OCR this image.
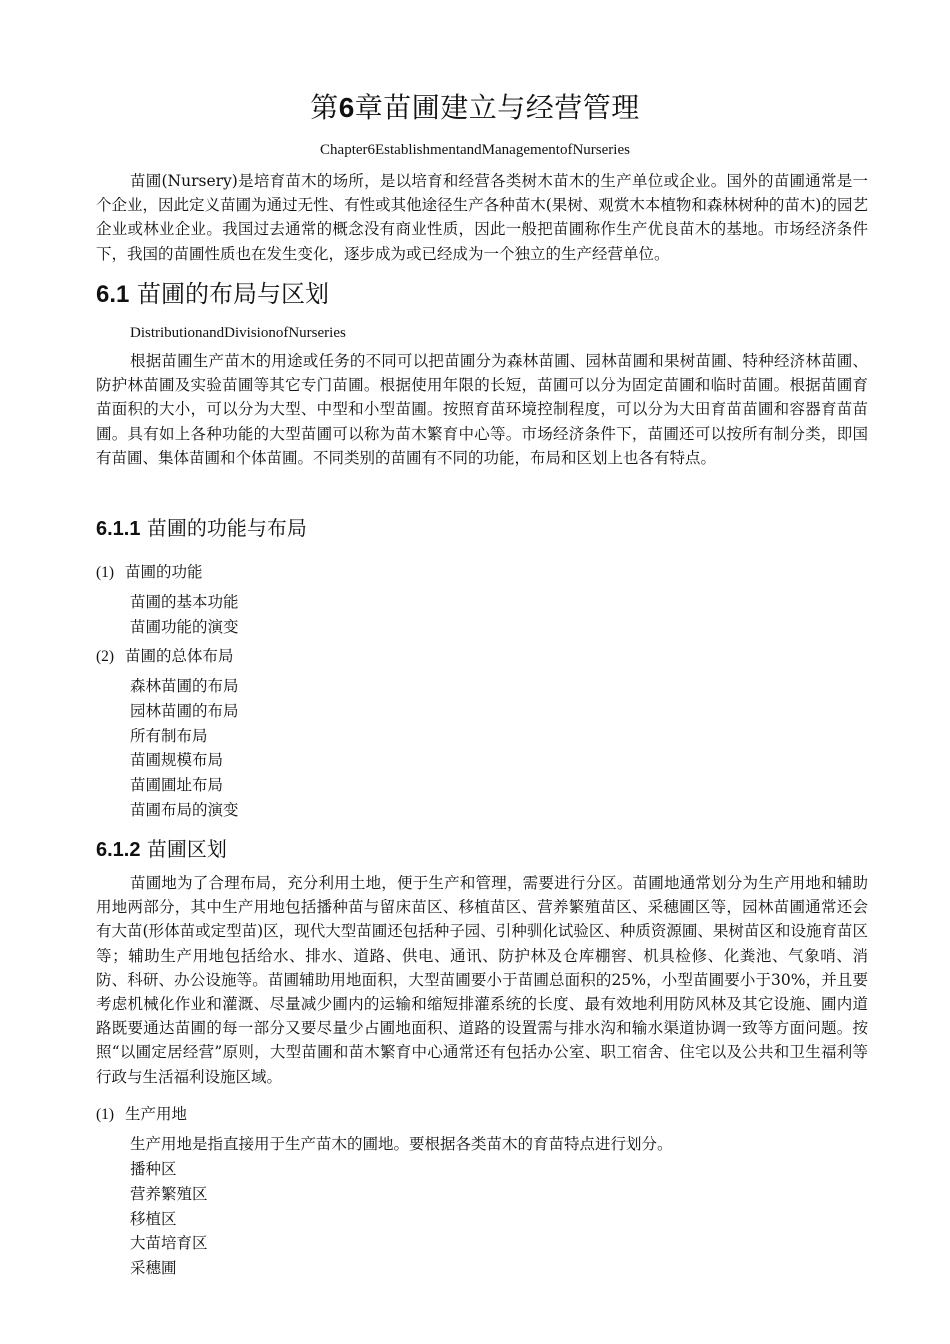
第6章苗圃建立与经营管理
Chapter6EstablishmentandManagementofNurseries
苗圃(Nursery)是培育苗木的场所，是以培育和经营各类树木苗木的生产单位或企业。国外的苗圃通常是一个企业，因此定义苗圃为通过无性、有性或其他途径生产各种苗木(果树、观赏木本植物和森林树种的苗木)的园艺企业或林业企业。我国过去通常的概念没有商业性质，因此一般把苗圃称作生产优良苗木的基地。市场经济条件下，我国的苗圃性质也在发生变化，逐步成为或已经成为一个独立的生产经营单位。
6.1 苗圃的布局与区划
DistributionandDivisionofNurseries
根据苗圃生产苗木的用途或任务的不同可以把苗圃分为森林苗圃、园林苗圃和果树苗圃、特种经济林苗圃、防护林苗圃及实验苗圃等其它专门苗圃。根据使用年限的长短，苗圃可以分为固定苗圃和临时苗圃。根据苗圃育苗面积的大小，可以分为大型、中型和小型苗圃。按照育苗环境控制程度，可以分为大田育苗苗圃和容器育苗苗圃。具有如上各种功能的大型苗圃可以称为苗木繁育中心等。市场经济条件下，苗圃还可以按所有制分类，即国有苗圃、集体苗圃和个体苗圃。不同类别的苗圃有不同的功能，布局和区划上也各有特点。
6.1.1 苗圃的功能与布局
(1) 苗圃的功能
苗圃的基本功能
苗圃功能的演变
(2) 苗圃的总体布局
森林苗圃的布局
园林苗圃的布局
所有制布局
苗圃规模布局
苗圃圃址布局
苗圃布局的演变
6.1.2 苗圃区划
苗圃地为了合理布局，充分利用土地，便于生产和管理，需要进行分区。苗圃地通常划分为生产用地和辅助用地两部分，其中生产用地包括播种苗与留床苗区、移植苗区、营养繁殖苗区、采穗圃区等，园林苗圃通常还会有大苗(形体苗或定型苗)区，现代大型苗圃还包括种子园、引种驯化试验区、种质资源圃、果树苗区和设施育苗区等；辅助生产用地包括给水、排水、道路、供电、通讯、防护林及仓库棚窖、机具检修、化粪池、气象哨、消防、科研、办公设施等。苗圃辅助用地面积，大型苗圃要小于苗圃总面积的25%，小型苗圃要小于30%，并且要考虑机械化作业和灌溉、尽量减少圃内的运输和缩短排灌系统的长度、最有效地利用防风林及其它设施、圃内道路既要通达苗圃的每一部分又要尽量少占圃地面积、道路的设置需与排水沟和输水渠道协调一致等方面问题。按照“以圃定居经营”原则，大型苗圃和苗木繁育中心通常还有包括办公室、职工宿舍、住宅以及公共和卫生福利等行政与生活福利设施区域。
(1) 生产用地
生产用地是指直接用于生产苗木的圃地。要根据各类苗木的育苗特点进行划分。
播种区
营养繁殖区
移植区
大苗培育区
采穗圃
